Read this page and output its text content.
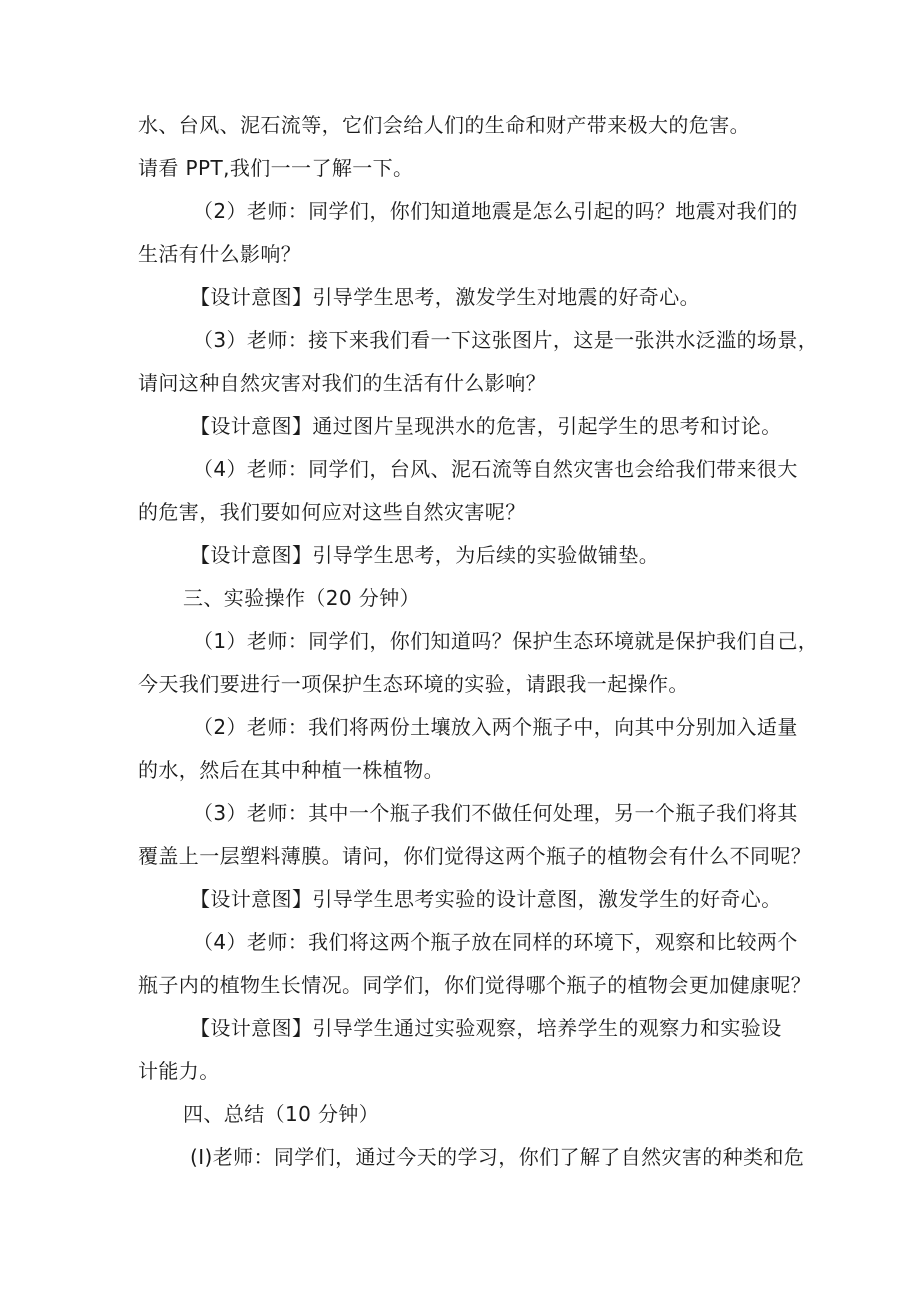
水、台风、泥石流等，它们会给人们的生命和财产带来极大的危害。
请看 PPT,我们一一了解一下。
（2）老师：同学们，你们知道地震是怎么引起的吗？地震对我们的
生活有什么影响？
【设计意图】引导学生思考，激发学生对地震的好奇心。
（3）老师：接下来我们看一下这张图片，这是一张洪水泛滥的场景，
请问这种自然灾害对我们的生活有什么影响？
【设计意图】通过图片呈现洪水的危害，引起学生的思考和讨论。
（4）老师：同学们，台风、泥石流等自然灾害也会给我们带来很大
的危害，我们要如何应对这些自然灾害呢？
【设计意图】引导学生思考，为后续的实验做铺垫。
三、实验操作（20 分钟）
（1）老师：同学们，你们知道吗？保护生态环境就是保护我们自己，
今天我们要进行一项保护生态环境的实验，请跟我一起操作。
（2）老师：我们将两份土壤放入两个瓶子中，向其中分别加入适量
的水，然后在其中种植一株植物。
（3）老师：其中一个瓶子我们不做任何处理，另一个瓶子我们将其
覆盖上一层塑料薄膜。请问，你们觉得这两个瓶子的植物会有什么不同呢？
【设计意图】引导学生思考实验的设计意图，激发学生的好奇心。
（4）老师：我们将这两个瓶子放在同样的环境下，观察和比较两个
瓶子内的植物生长情况。同学们，你们觉得哪个瓶子的植物会更加健康呢？
【设计意图】引导学生通过实验观察，培养学生的观察力和实验设
计能力。
四、总结（10 分钟）
(I)老师：同学们，通过今天的学习，你们了解了自然灾害的种类和危
